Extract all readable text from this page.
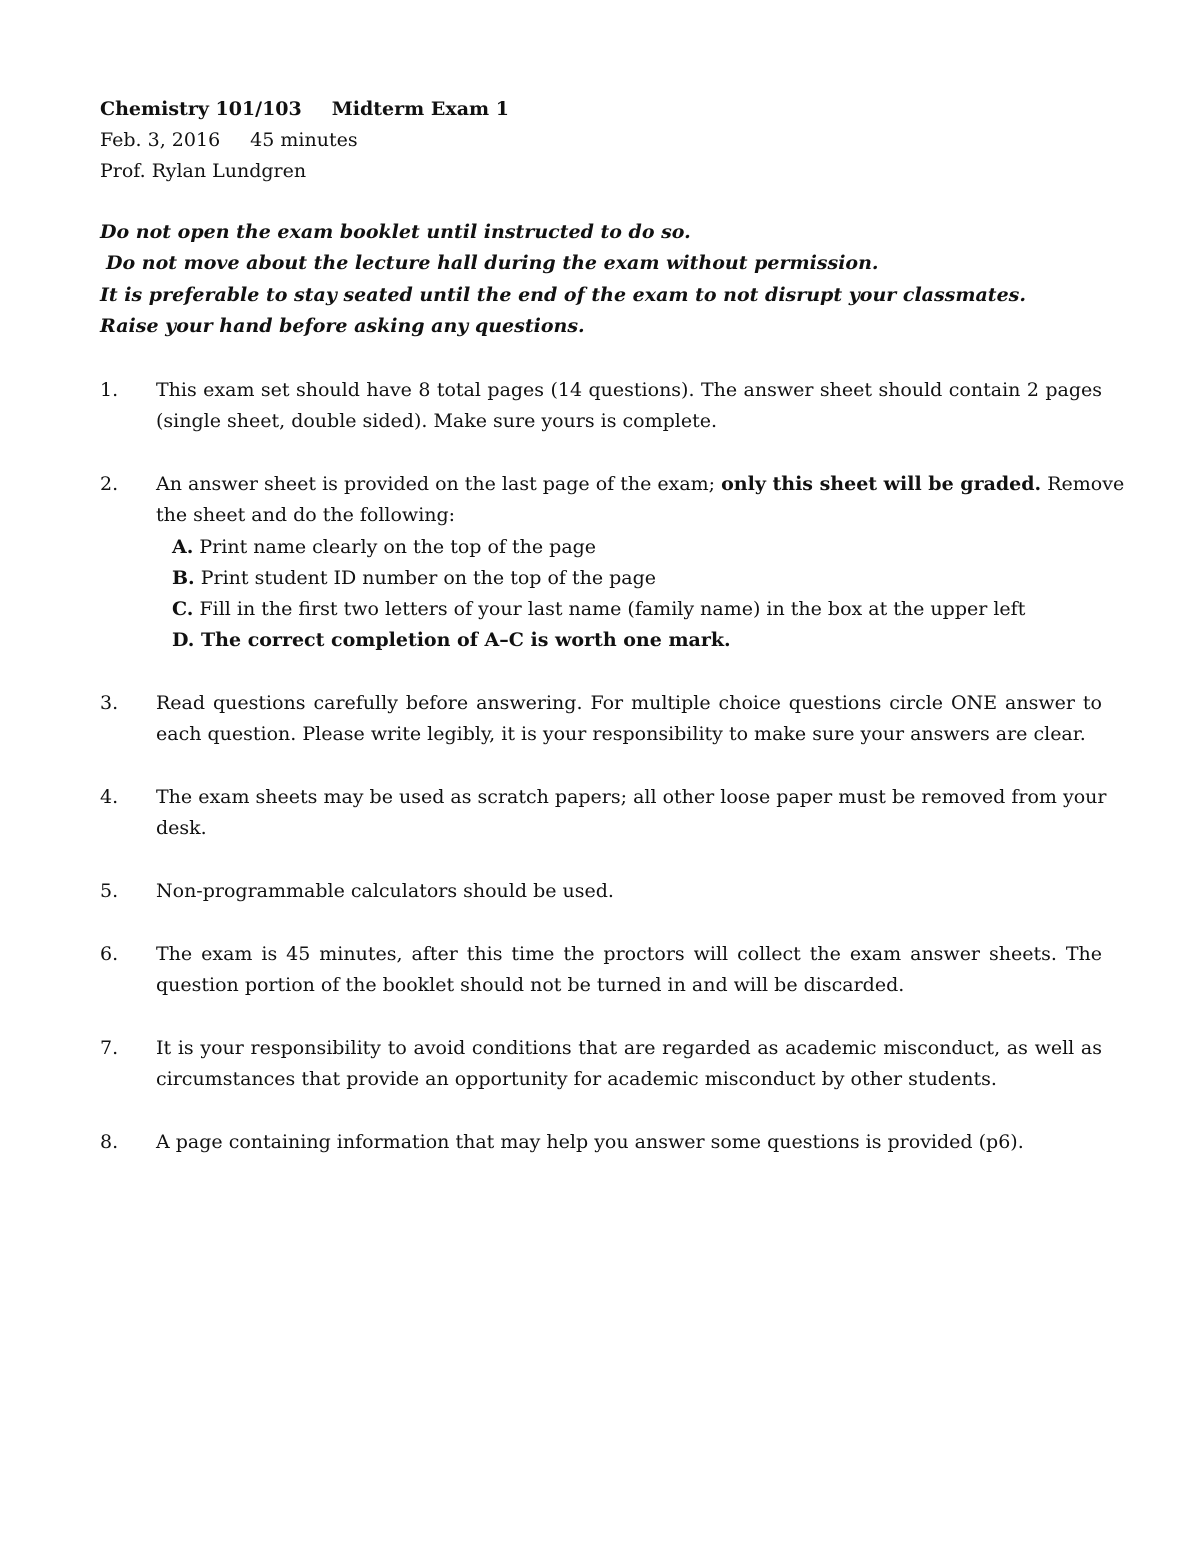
Chemistry 101/103 Midterm Exam 1
Feb. 3, 2016 45 minutes
Prof. Rylan Lundgren
Do not open the exam booklet until instructed to do so.
Do not move about the lecture hall during the exam without permission.
It is preferable to stay seated until the end of the exam to not disrupt your classmates.
Raise your hand before asking any questions.
1.	This exam set should have 8 total pages (14 questions). The answer sheet should contain 2 pages
(single sheet, double sided). Make sure yours is complete.
2.	An answer sheet is provided on the last page of the exam; only this sheet will be graded. Remove
the sheet and do the following:
A. Print name clearly on the top of the page
B. Print student ID number on the top of the page
C. Fill in the first two letters of your last name (family name) in the box at the upper left
D. The correct completion of A–C is worth one mark.
3.	Read questions carefully before answering. For multiple choice questions circle ONE answer to
each question. Please write legibly, it is your responsibility to make sure your answers are clear.
4.	The exam sheets may be used as scratch papers; all other loose paper must be removed from your
desk.
5.	Non-programmable calculators should be used.
6.	The exam is 45 minutes, after this time the proctors will collect the exam answer sheets. The
question portion of the booklet should not be turned in and will be discarded.
7.	It is your responsibility to avoid conditions that are regarded as academic misconduct, as well as
circumstances that provide an opportunity for academic misconduct by other students.
8.	A page containing information that may help you answer some questions is provided (p6).
